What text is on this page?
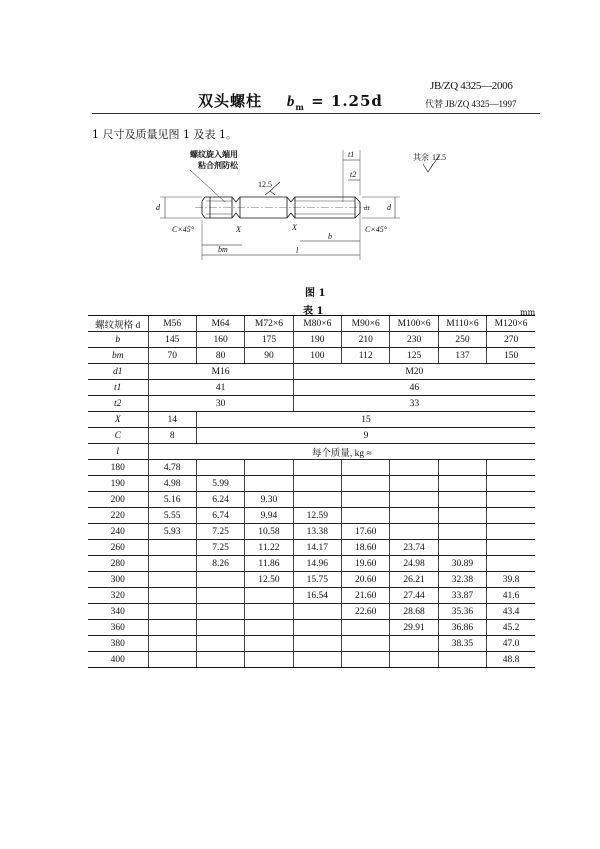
JB/ZQ 4325—2006
代替 JB/ZQ 4325—1997
双头螺柱 $b_m = 1.25d$
1 尺寸及质量见图 1 及表 1。
螺纹旋入端用
粘合剂防松
12.5
其余 12.5
d	d
d1
t1
t2
C×45°	C×45°
X	X
b
bm	l
图 1
表 1	mm
螺纹规格 d	M56	M64	M72×6	M80×6	M90×6	M100×6	M110×6	M120×6
b	145	160	175	190	210	230	250	270
bm	70	80	90	100	112	125	137	150
d1	M16			M20				
t1	41			46				
t2	30			33				
X	14	15						
C	8	9						
l	每个质量, kg ≈							
180	4.78							
190	4.98	5.99						
200	5.16	6.24	9.30					
220	5.55	6.74	9.94	12.59				
240	5.93	7.25	10.58	13.38	17.60			
260		7.25	11.22	14.17	18.60	23.74		
280		8.26	11.86	14.96	19.60	24.98	30.89	
300			12.50	15.75	20.60	26.21	32.38	39.8
320				16.54	21.60	27.44	33.87	41.6
340					22.60	28.68	35.36	43.4
360						29.91	36.86	45.2
380							38.35	47.0
400								48.8
